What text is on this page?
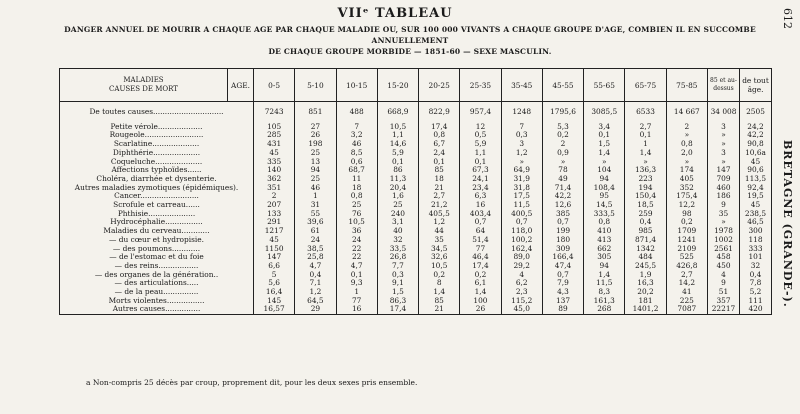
VIIᵉ TABLEAU
DANGER ANNUEL DE MOURIR A CHAQUE AGE PAR CHAQUE MALADIE OU, SUR 100 000 VIVANTS A CHAQUE GROUPE D'AGE, COMBIEN IL EN SUCCOMBE ANNUELLEMENT
DE CHAQUE GROUPE MORBIDE — 1851-60 — SEXE MASCULIN.
612
BRETAGNE (GRANDE-).
MALADIES
CAUSES DE MORT	AGE.	0-5	5-10	10-15	15-20	20-25	25-35	35-45	45-55	55-65	65-75	75-85	85 et au-dessus	de tout âge.
De toutes causes..............................		7243	851	488	668,9	822,9	957,4	1248	1795,6	3085,5	6533	14 667	34 008	2505
Petite vérole...................		105	27	7	10,5	17,4	12	7	5,3	3,4	2,7	2	3	24,2
Rougeole.........................		285	26	3,2	1,1	0,8	0,5	0,3	0,2	0,1	0,1	»	»	42,2
Scarlatine....................		431	198	46	14,6	6,7	5,9	3	2	1,5	1	0,8	»	90,8
Diphthérie....................		45	25	8,5	5,9	2,4	1,1	1,2	0,9	1,4	1,4	2,0	3	10,6a
Coqueluche....................		335	13	0,6	0,1	0,1	0,1	»	»	»	»	»	»	45
Affections typhoïdes......		140	94	68,7	86	85	67,3	64,9	78	104	136,3	174	147	90,6
Choléra, diarrhée et dysenterie.		362	25	11	11,3	18	24,1	31,9	49	94	223	405	709	113,5
Autres maladies zymotiques (épidémiques).		351	46	18	20,4	21	23,4	31,8	71,4	108,4	194	352	460	92,4
Cancer.........................		2	1	0,8	1,6	2,7	6,3	17,5	42,2	95	150,4	175,4	186	19,5
Scrofule et carreau......		207	31	25	25	21,2	16	11,5	12,6	14,5	18,5	12,2	9	45
Phthisie....................		133	55	76	240	405,5	403,4	400,5	385	333,5	259	98	35	238,5
Hydrocéphalie................		291	39,6	10,5	3,1	1,2	0,7	0,7	0,7	0,8	0,4	0,2	»	46,5
Maladies du cerveau............		1217	61	36	40	44	64	118,0	199	410	985	1709	1978	300
— du cœur et hydropisie.		45	24	24	32	35	51,4	100,2	180	413	871,4	1241	1002	118
— des poumons............		1150	38,5	22	33,5	34,5	77	162,4	309	662	1342	2109	2561	333
— de l'estomac et du foie		147	25,8	22	26,8	32,6	46,4	89,0	166,4	305	484	525	458	101
— des reins.................		6,6	4,7	4,7	7,7	10,5	17,4	29,2	47,4	94	245,5	426,8	450	32
— des organes de la génération..		5	0,4	0,1	0,3	0,2	0,2	4	0,7	1,4	1,9	2,7	4	0,4
— des articulations.....		5,6	7,1	9,3	9,1	8	6,1	6,2	7,9	11,5	16,3	14,2	9	7,8
— de la peau...............		16,4	1,2	1	1,5	1,4	1,4	2,3	4,3	8,3	20,2	41	51	5,2
Morts violentes................		145	64,5	77	86,3	85	100	115,2	137	161,3	181	225	357	111
Autres causes...............		16,57	29	16	17,4	21	26	45,0	89	268	1401,2	7087	22217	420
a Non-compris 25 décès par croup, proprement dit, pour les deux sexes pris ensemble.
